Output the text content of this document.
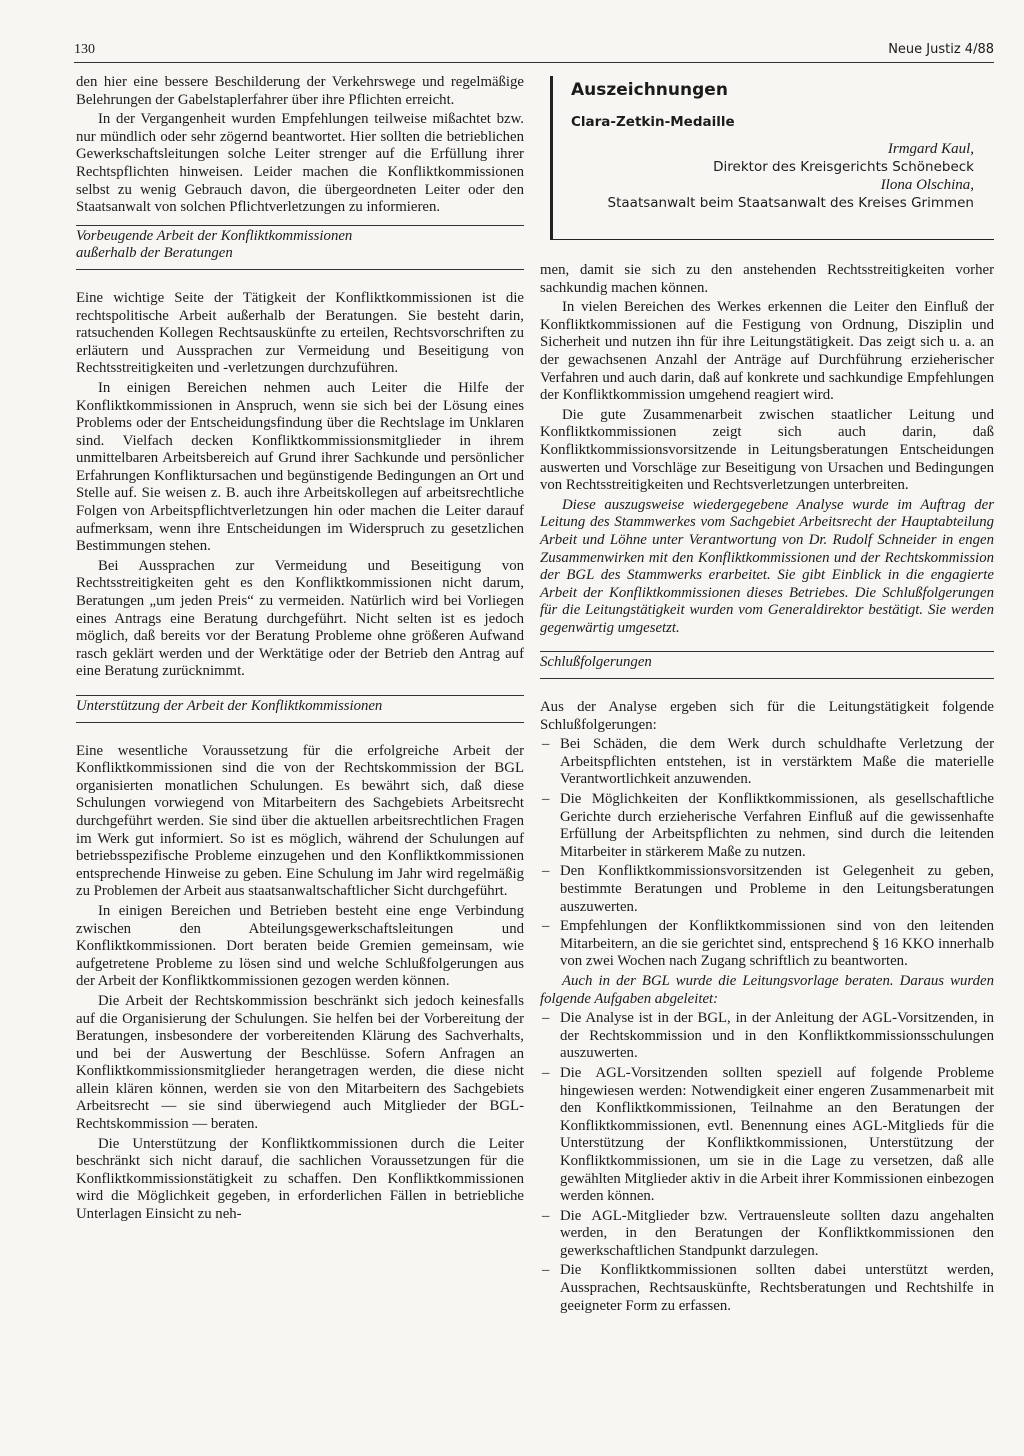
130	Neue Justiz 4/88
Auszeichnungen
Clara-Zetkin-Medaille
Irmgard Kaul,
Direktor des Kreisgerichts Schönebeck
Ilona Olschina,
Staatsanwalt beim Staatsanwalt des Kreises Grimmen

den hier eine bessere Beschilderung der Verkehrswege und regelmäßige Belehrungen der Gabelstaplerfahrer über ihre Pflichten erreicht.

In der Vergangenheit wurden Empfehlungen teilweise mißachtet bzw. nur mündlich oder sehr zögernd beantwortet. Hier sollten die betrieblichen Gewerkschaftsleitungen solche Leiter strenger auf die Erfüllung ihrer Rechtspflichten hinweisen. Leider machen die Konfliktkommissionen selbst zu wenig Gebrauch davon, die übergeordneten Leiter oder den Staatsanwalt von solchen Pflichtverletzungen zu informieren.

Vorbeugende Arbeit der Konfliktkommissionen
außerhalb der Beratungen

Eine wichtige Seite der Tätigkeit der Konfliktkommissionen ist die rechtspolitische Arbeit außerhalb der Beratungen. Sie besteht darin, ratsuchenden Kollegen Rechtsauskünfte zu erteilen, Rechtsvorschriften zu erläutern und Aussprachen zur Vermeidung und Beseitigung von Rechtsstreitigkeiten und -verletzungen durchzuführen.

In einigen Bereichen nehmen auch Leiter die Hilfe der Konfliktkommissionen in Anspruch, wenn sie sich bei der Lösung eines Problems oder der Entscheidungsfindung über die Rechtslage im Unklaren sind. Vielfach decken Konfliktkommissionsmitglieder in ihrem unmittelbaren Arbeitsbereich auf Grund ihrer Sachkunde und persönlicher Erfahrungen Konfliktursachen und begünstigende Bedingungen an Ort und Stelle auf. Sie weisen z. B. auch ihre Arbeitskollegen auf arbeitsrechtliche Folgen von Arbeitspflichtverletzungen hin oder machen die Leiter darauf aufmerksam, wenn ihre Entscheidungen im Widerspruch zu gesetzlichen Bestimmungen stehen.

Bei Aussprachen zur Vermeidung und Beseitigung von Rechtsstreitigkeiten geht es den Konfliktkommissionen nicht darum, Beratungen „um jeden Preis“ zu vermeiden. Natürlich wird bei Vorliegen eines Antrags eine Beratung durchgeführt. Nicht selten ist es jedoch möglich, daß bereits vor der Beratung Probleme ohne größeren Aufwand rasch geklärt werden und der Werktätige oder der Betrieb den Antrag auf eine Beratung zurücknimmt.

Unterstützung der Arbeit der Konfliktkommissionen

Eine wesentliche Voraussetzung für die erfolgreiche Arbeit der Konfliktkommissionen sind die von der Rechtskommission der BGL organisierten monatlichen Schulungen. Es bewährt sich, daß diese Schulungen vorwiegend von Mitarbeitern des Sachgebiets Arbeitsrecht durchgeführt werden. Sie sind über die aktuellen arbeitsrechtlichen Fragen im Werk gut informiert. So ist es möglich, während der Schulungen auf betriebsspezifische Probleme einzugehen und den Konfliktkommissionen entsprechende Hinweise zu geben. Eine Schulung im Jahr wird regelmäßig zu Problemen der Arbeit aus staatsanwaltschaftlicher Sicht durchgeführt.

In einigen Bereichen und Betrieben besteht eine enge Verbindung zwischen den Abteilungsgewerkschaftsleitungen und Konfliktkommissionen. Dort beraten beide Gremien gemeinsam, wie aufgetretene Probleme zu lösen sind und welche Schlußfolgerungen aus der Arbeit der Konfliktkommissionen gezogen werden können.

Die Arbeit der Rechtskommission beschränkt sich jedoch keinesfalls auf die Organisierung der Schulungen. Sie helfen bei der Vorbereitung der Beratungen, insbesondere der vorbereitenden Klärung des Sachverhalts, und bei der Auswertung der Beschlüsse. Sofern Anfragen an Konfliktkommissionsmitglieder herangetragen werden, die diese nicht allein klären können, werden sie von den Mitarbeitern des Sachgebiets Arbeitsrecht — sie sind überwiegend auch Mitglieder der BGL-Rechtskommission — beraten.

Die Unterstützung der Konfliktkommissionen durch die Leiter beschränkt sich nicht darauf, die sachlichen Voraussetzungen für die Konfliktkommissionstätigkeit zu schaffen. Den Konfliktkommissionen wird die Möglichkeit gegeben, in erforderlichen Fällen in betriebliche Unterlagen Einsicht zu neh-

men, damit sie sich zu den anstehenden Rechtsstreitigkeiten vorher sachkundig machen können.

In vielen Bereichen des Werkes erkennen die Leiter den Einfluß der Konfliktkommissionen auf die Festigung von Ordnung, Disziplin und Sicherheit und nutzen ihn für ihre Leitungstätigkeit. Das zeigt sich u. a. an der gewachsenen Anzahl der Anträge auf Durchführung erzieherischer Verfahren und auch darin, daß auf konkrete und sachkundige Empfehlungen der Konfliktkommission umgehend reagiert wird.

Die gute Zusammenarbeit zwischen staatlicher Leitung und Konfliktkommissionen zeigt sich auch darin, daß Konfliktkommissionsvorsitzende in Leitungsberatungen Entscheidungen auswerten und Vorschläge zur Beseitigung von Ursachen und Bedingungen von Rechtsstreitigkeiten und Rechtsverletzungen unterbreiten.

Diese auszugsweise wiedergegebene Analyse wurde im Auftrag der Leitung des Stammwerkes vom Sachgebiet Arbeitsrecht der Hauptabteilung Arbeit und Löhne unter Verantwortung von Dr. Rudolf Schneider in engen Zusammenwirken mit den Konfliktkommissionen und der Rechtskommission der BGL des Stammwerks erarbeitet. Sie gibt Einblick in die engagierte Arbeit der Konfliktkommissionen dieses Betriebes. Die Schlußfolgerungen für die Leitungstätigkeit wurden vom Generaldirektor bestätigt. Sie werden gegenwärtig umgesetzt.

Schlußfolgerungen

Aus der Analyse ergeben sich für die Leitungstätigkeit folgende Schlußfolgerungen:

– Bei Schäden, die dem Werk durch schuldhafte Verletzung der Arbeitspflichten entstehen, ist in verstärktem Maße die materielle Verantwortlichkeit anzuwenden.
– Die Möglichkeiten der Konfliktkommissionen, als gesellschaftliche Gerichte durch erzieherische Verfahren Einfluß auf die gewissenhafte Erfüllung der Arbeitspflichten zu nehmen, sind durch die leitenden Mitarbeiter in stärkerem Maße zu nutzen.
– Den Konfliktkommissionsvorsitzenden ist Gelegenheit zu geben, bestimmte Beratungen und Probleme in den Leitungsberatungen auszuwerten.
– Empfehlungen der Konfliktkommissionen sind von den leitenden Mitarbeitern, an die sie gerichtet sind, entsprechend § 16 KKO innerhalb von zwei Wochen nach Zugang schriftlich zu beantworten.

Auch in der BGL wurde die Leitungsvorlage beraten. Daraus wurden folgende Aufgaben abgeleitet:

– Die Analyse ist in der BGL, in der Anleitung der AGL-Vorsitzenden, in der Rechtskommission und in den Konfliktkommissionsschulungen auszuwerten.
– Die AGL-Vorsitzenden sollten speziell auf folgende Probleme hingewiesen werden: Notwendigkeit einer engeren Zusammenarbeit mit den Konfliktkommissionen, Teilnahme an den Beratungen der Konfliktkommissionen, evtl. Benennung eines AGL-Mitglieds für die Unterstützung der Konfliktkommissionen, Unterstützung der Konfliktkommissionen, um sie in die Lage zu versetzen, daß alle gewählten Mitglieder aktiv in die Arbeit ihrer Kommissionen einbezogen werden können.
– Die AGL-Mitglieder bzw. Vertrauensleute sollten dazu angehalten werden, in den Beratungen der Konfliktkommissionen den gewerkschaftlichen Standpunkt darzulegen.
– Die Konfliktkommissionen sollten dabei unterstützt werden, Aussprachen, Rechtsauskünfte, Rechtsberatungen und Rechtshilfe in geeigneter Form zu erfassen.
